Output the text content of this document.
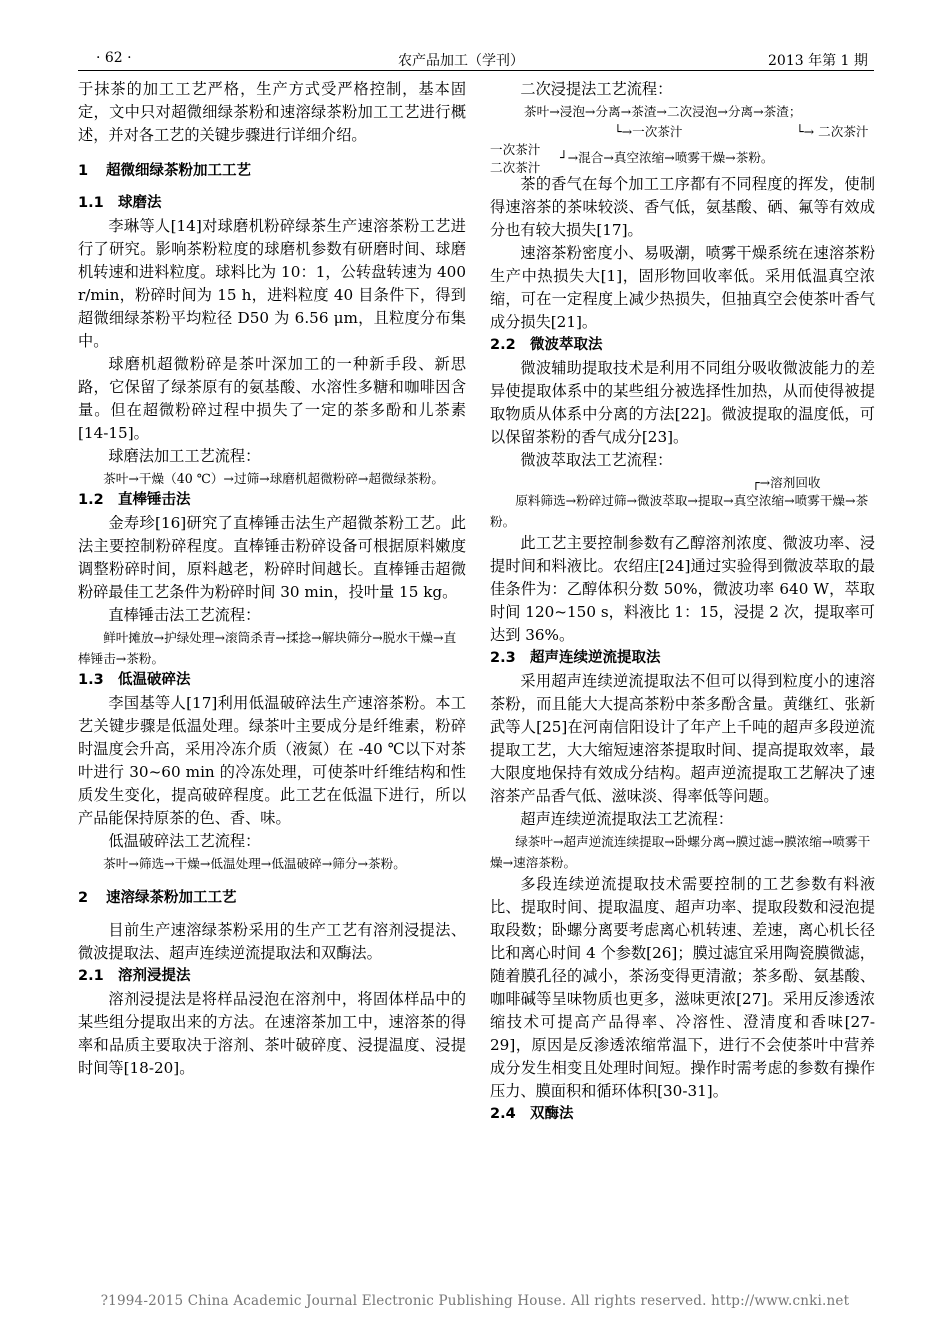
· 62 ·	农产品加工（学刊）	2013 年第 1 期

于抹茶的加工工艺严格，生产方式受严格控制，基本固定，文中只对超微细绿茶粉和速溶绿茶粉加工工艺进行概述，并对各工艺的关键步骤进行详细介绍。

1 超微细绿茶粉加工工艺

1.1 球磨法

李琳等人[14]对球磨机粉碎绿茶生产速溶茶粉工艺进行了研究。影响茶粉粒度的球磨机参数有研磨时间、球磨机转速和进料粒度。球料比为 10：1，公转盘转速为 400 r/min，粉碎时间为 15 h，进料粒度 40 目条件下，得到超微细绿茶粉平均粒径 D50 为 6.56 μm，且粒度分布集中。

球磨机超微粉碎是茶叶深加工的一种新手段、新思路，它保留了绿茶原有的氨基酸、水溶性多糖和咖啡因含量。但在超微粉碎过程中损失了一定的茶多酚和儿茶素[14-15]。

球磨法加工工艺流程：

茶叶→干燥（40 ℃）→过筛→球磨机超微粉碎→超微绿茶粉。

1.2 直棒锤击法

金寿珍[16]研究了直棒锤击法生产超微茶粉工艺。此法主要控制粉碎程度。直棒锤击粉碎设备可根据原料嫩度调整粉碎时间，原料越老，粉碎时间越长。直棒锤击超微粉碎最佳工艺条件为粉碎时间 30 min，投叶量 15 kg。

直棒锤击法工艺流程：

鲜叶摊放→护绿处理→滚筒杀青→揉捻→解块筛分→脱水干燥→直棒锤击→茶粉。

1.3 低温破碎法

李国基等人[17]利用低温破碎法生产速溶茶粉。本工艺关键步骤是低温处理。绿茶叶主要成分是纤维素，粉碎时温度会升高，采用冷冻介质（液氮）在 -40 ℃以下对茶叶进行 30~60 min 的冷冻处理，可使茶叶纤维结构和性质发生变化，提高破碎程度。此工艺在低温下进行，所以产品能保持原茶的色、香、味。

低温破碎法工艺流程：

茶叶→筛选→干燥→低温处理→低温破碎→筛分→茶粉。

2 速溶绿茶粉加工工艺

目前生产速溶绿茶粉采用的生产工艺有溶剂浸提法、微波提取法、超声连续逆流提取法和双酶法。

2.1 溶剂浸提法

溶剂浸提法是将样品浸泡在溶剂中，将固体样品中的某些组分提取出来的方法。在速溶茶加工中，速溶茶的得率和品质主要取决于溶剂、茶叶破碎度、浸提温度、浸提时间等[18-20]。

二次浸提法工艺流程：

茶叶→浸泡→分离→茶渣→二次浸泡→分离→茶渣；
└→一次茶汁	└→ 二次茶汁
一次茶汁
二次茶汁
┘→混合→真空浓缩→喷雾干燥→茶粉。

茶的香气在每个加工工序都有不同程度的挥发，使制得速溶茶的茶味较淡、香气低，氨基酸、硒、氟等有效成分也有较大损失[17]。

速溶茶粉密度小、易吸潮，喷雾干燥系统在速溶茶粉生产中热损失大[1]，固形物回收率低。采用低温真空浓缩，可在一定程度上减少热损失，但抽真空会使茶叶香气成分损失[21]。

2.2 微波萃取法

微波辅助提取技术是利用不同组分吸收微波能力的差异使提取体系中的某些组分被选择性加热，从而使得被提取物质从体系中分离的方法[22]。微波提取的温度低，可以保留茶粉的香气成分[23]。

微波萃取法工艺流程：

┌→溶剂回收

原料筛选→粉碎过筛→微波萃取→提取→真空浓缩→喷雾干燥→茶粉。

此工艺主要控制参数有乙醇溶剂浓度、微波功率、浸提时间和料液比。农绍庄[24]通过实验得到微波萃取的最佳条件为：乙醇体积分数 50%，微波功率 640 W，萃取时间 120~150 s，料液比 1：15，浸提 2 次，提取率可达到 36%。

2.3 超声连续逆流提取法

采用超声连续逆流提取法不但可以得到粒度小的速溶茶粉，而且能大大提高茶粉中茶多酚含量。黄继红、张新武等人[25]在河南信阳设计了年产上千吨的超声多段逆流提取工艺，大大缩短速溶茶提取时间、提高提取效率，最大限度地保持有效成分结构。超声逆流提取工艺解决了速溶茶产品香气低、滋味淡、得率低等问题。

超声连续逆流提取法工艺流程：

绿茶叶→超声逆流连续提取→卧螺分离→膜过滤→膜浓缩→喷雾干燥→速溶茶粉。

多段连续逆流提取技术需要控制的工艺参数有料液比、提取时间、提取温度、超声功率、提取段数和浸泡提取段数；卧螺分离要考虑离心机转速、差速，离心机长径比和离心时间 4 个参数[26]；膜过滤宜采用陶瓷膜微滤，随着膜孔径的减小，茶汤变得更清澈；茶多酚、氨基酸、咖啡碱等呈味物质也更多，滋味更浓[27]。采用反渗透浓缩技术可提高产品得率、冷溶性、澄清度和香味[27-29]，原因是反渗透浓缩常温下，进行不会使茶叶中营养成分发生相变且处理时间短。操作时需考虑的参数有操作压力、膜面积和循环体积[30-31]。

2.4 双酶法

?1994-2015 China Academic Journal Electronic Publishing House. All rights reserved. http://www.cnki.net
